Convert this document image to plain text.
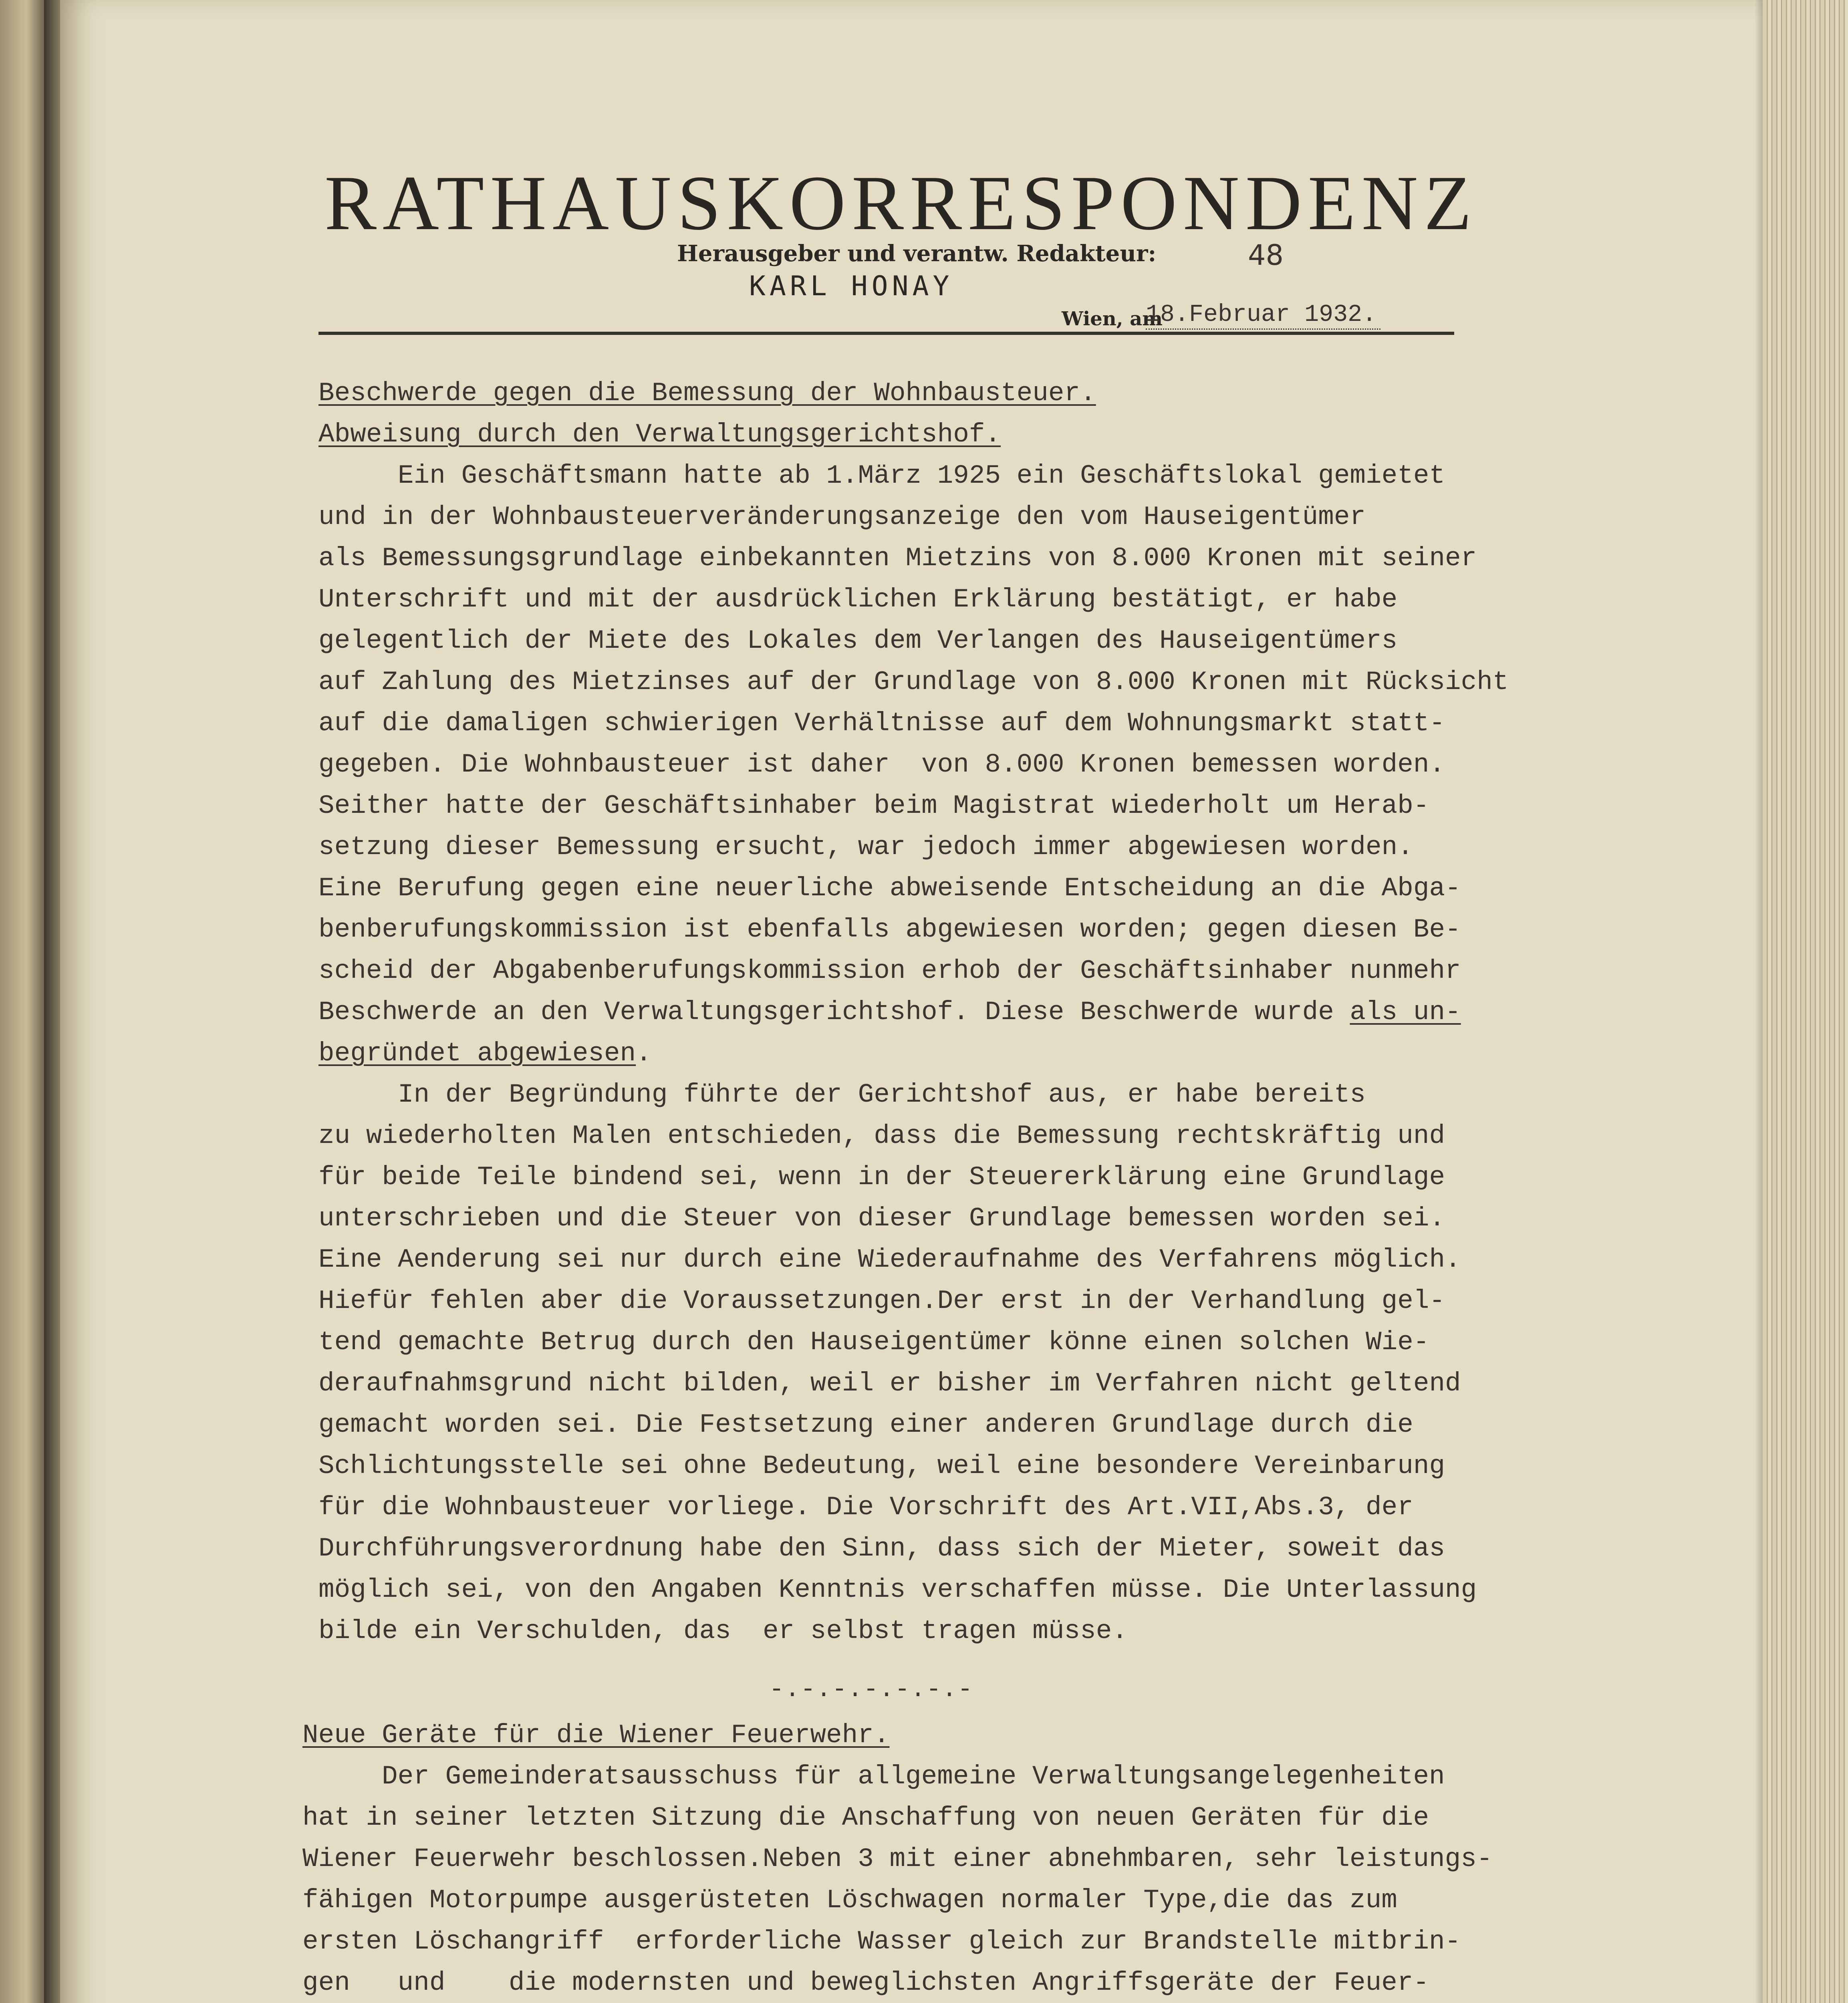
RATHAUSKORRESPONDENZ
Herausgeber und verantw. Redakteur:	48
KARL HONAY
Wien, am
18.Februar 1932.
Beschwerde gegen die Bemessung der Wohnbausteuer.
Abweisung durch den Verwaltungsgerichtshof.
Ein Geschäftsmann hatte ab 1.März 1925 ein Geschäftslokal gemietet
und in der Wohnbausteuerveränderungsanzeige den vom Hauseigentümer
als Bemessungsgrundlage einbekannten Mietzins von 8.000 Kronen mit seiner
Unterschrift und mit der ausdrücklichen Erklärung bestätigt, er habe
gelegentlich der Miete des Lokales dem Verlangen des Hauseigentümers
auf Zahlung des Mietzinses auf der Grundlage von 8.000 Kronen mit Rücksicht
auf die damaligen schwierigen Verhältnisse auf dem Wohnungsmarkt statt-
gegeben. Die Wohnbausteuer ist daher  von 8.000 Kronen bemessen worden.
Seither hatte der Geschäftsinhaber beim Magistrat wiederholt um Herab-
setzung dieser Bemessung ersucht, war jedoch immer abgewiesen worden.
Eine Berufung gegen eine neuerliche abweisende Entscheidung an die Abga-
benberufungskommission ist ebenfalls abgewiesen worden; gegen diesen Be-
scheid der Abgabenberufungskommission erhob der Geschäftsinhaber nunmehr
Beschwerde an den Verwaltungsgerichtshof. Diese Beschwerde wurde als un-
begründet abgewiesen.
In der Begründung führte der Gerichtshof aus, er habe bereits
zu wiederholten Malen entschieden, dass die Bemessung rechtskräftig und
für beide Teile bindend sei, wenn in der Steuererklärung eine Grundlage
unterschrieben und die Steuer von dieser Grundlage bemessen worden sei.
Eine Aenderung sei nur durch eine Wiederaufnahme des Verfahrens möglich.
Hiefür fehlen aber die Voraussetzungen.Der erst in der Verhandlung gel-
tend gemachte Betrug durch den Hauseigentümer könne einen solchen Wie-
deraufnahmsgrund nicht bilden, weil er bisher im Verfahren nicht geltend
gemacht worden sei. Die Festsetzung einer anderen Grundlage durch die
Schlichtungsstelle sei ohne Bedeutung, weil eine besondere Vereinbarung
für die Wohnbausteuer vorliege. Die Vorschrift des Art.VII,Abs.3, der
Durchführungsverordnung habe den Sinn, dass sich der Mieter, soweit das
möglich sei, von den Angaben Kenntnis verschaffen müsse. Die Unterlassung
bilde ein Verschulden, das  er selbst tragen müsse.
-.-.-.-.-.-.-
Neue Geräte für die Wiener Feuerwehr.
Der Gemeinderatsausschuss für allgemeine Verwaltungsangelegenheiten
hat in seiner letzten Sitzung die Anschaffung von neuen Geräten für die
Wiener Feuerwehr beschlossen.Neben 3 mit einer abnehmbaren, sehr leistungs-
fähigen Motorpumpe ausgerüsteten Löschwagen normaler Type,die das zum
ersten Löschangriff  erforderliche Wasser gleich zur Brandstelle mitbrin-
gen   und    die modernsten und beweglichsten Angriffsgeräte der Feuer-
